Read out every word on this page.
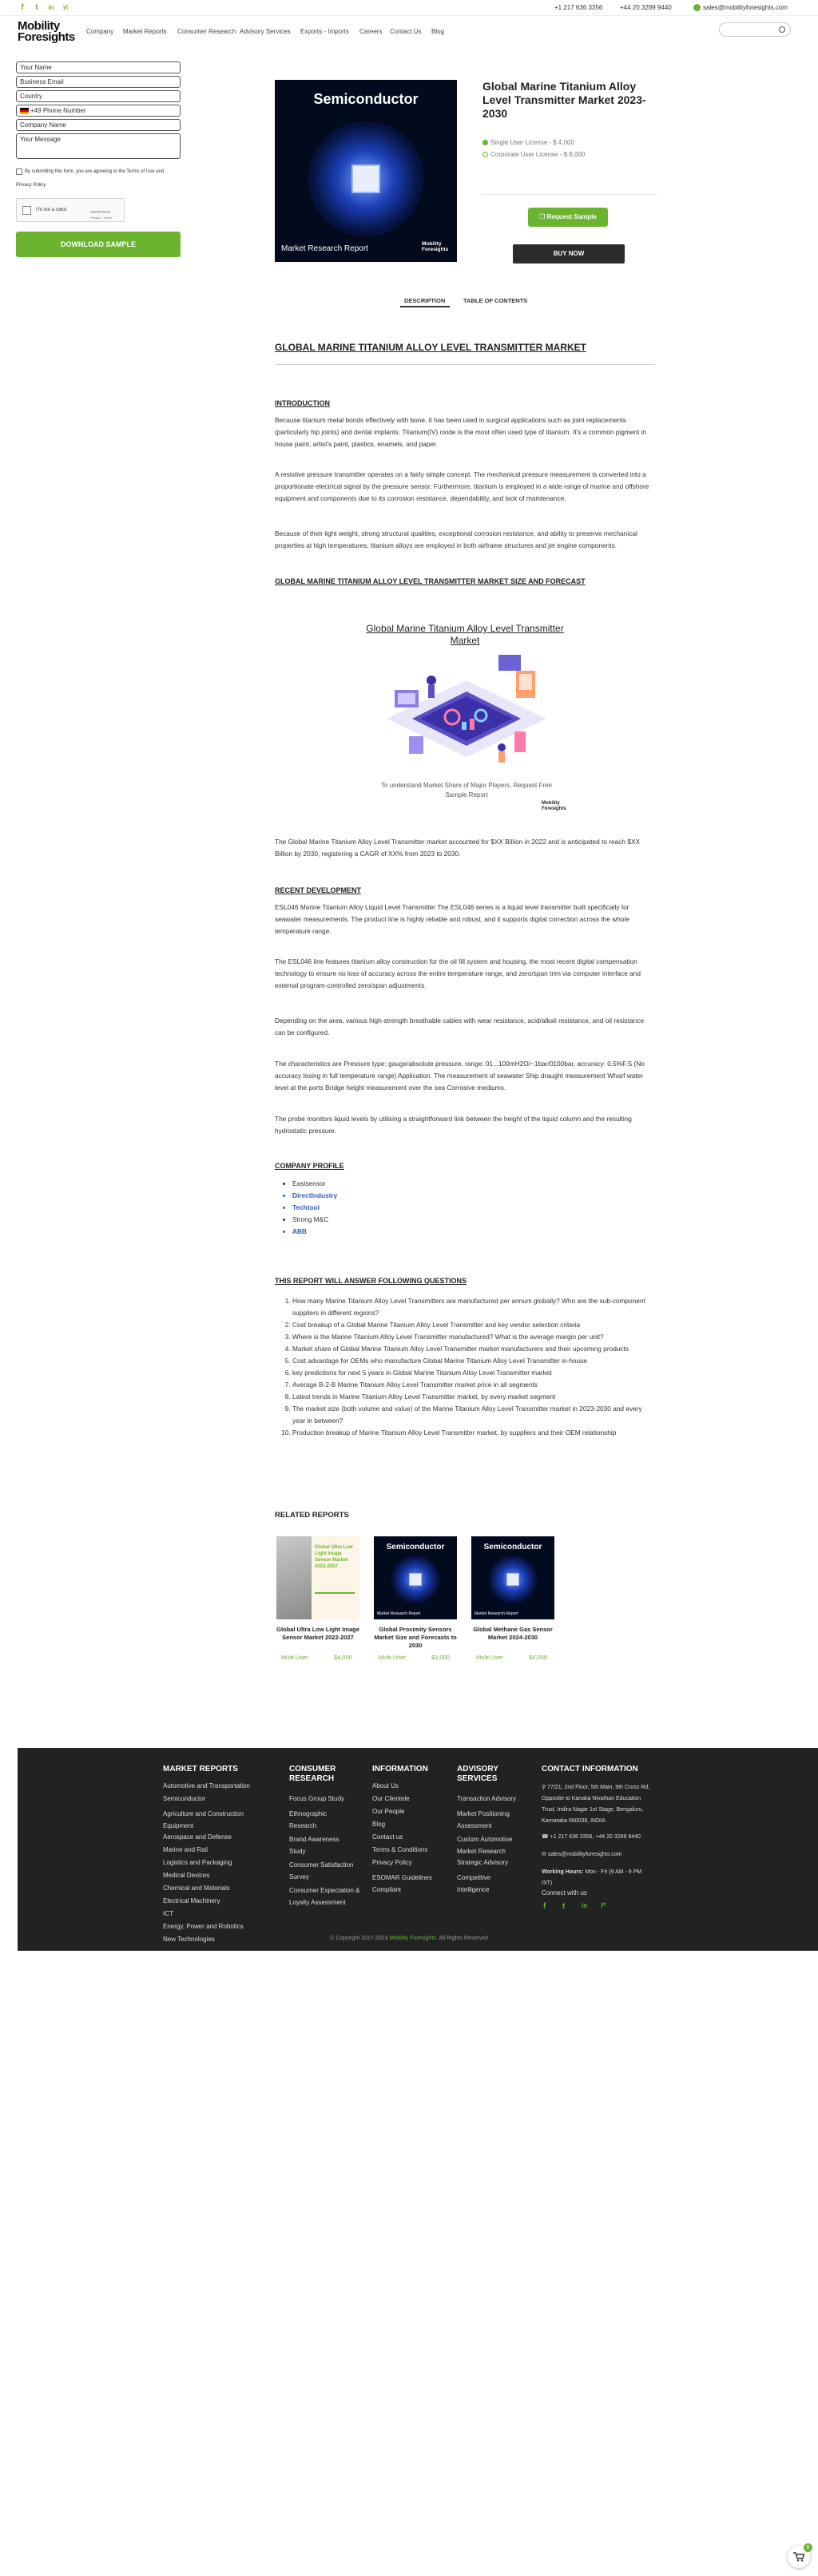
f	t	in	yt	+1 217 636 3356	+44 20 3289 9440	sales@mobilityforesights.com
Mobility
Foresights Company Market Reports Consumer Research Advisory Services Exports - Imports Careers Contact Us Blog
Your Name
Business Email
Country
+49 Phone Number
Company Name
Your Message
By submitting this form, you are agreeing to the Terms of Use and
Privacy Policy
I'm not a robot	reCAPTCHA
Privacy - Terms
DOWNLOAD SAMPLE
Semiconductor
Market Research Report
Mobility
Foresights
Global Marine Titanium Alloy Level Transmitter Market 2023-2030
Single User License - $ 4,000
Corporate User License - $ 8,000
❐ Request Sample
BUY NOW
DESCRIPTION	TABLE OF CONTENTS
GLOBAL MARINE TITANIUM ALLOY LEVEL TRANSMITTER MARKET
INTRODUCTION
Because titanium metal bonds effectively with bone, it has been used in surgical applications such as joint replacements (particularly hip joints) and dental implants. Titanium(IV) oxide is the most often used type of titanium. It's a common pigment in house paint, artist's paint, plastics, enamels, and paper.
A resistive pressure transmitter operates on a fairly simple concept. The mechanical pressure measurement is converted into a proportionate electrical signal by the pressure sensor. Furthermore, titanium is employed in a wide range of marine and offshore equipment and components due to its corrosion resistance, dependability, and lack of maintenance.
Because of their light weight, strong structural qualities, exceptional corrosion resistance, and ability to preserve mechanical properties at high temperatures, titanium alloys are employed in both airframe structures and jet engine components.
GLOBAL MARINE TITANIUM ALLOY LEVEL TRANSMITTER MARKET SIZE AND FORECAST
Global Marine Titanium Alloy Level Transmitter Market
To understand Market Share of Major Players, Request Free Sample Report
Mobility
Foresights
The Global Marine Titanium Alloy Level Transmitter market accounted for $XX Billion in 2022 and is anticipated to reach $XX Billion by 2030, registering a CAGR of XX% from 2023 to 2030.
RECENT DEVELOPMENT
ESL046 Marine Titanium Alloy Liquid Level Transmitter The ESL046 series is a liquid level transmitter built specifically for seawater measurements. The product line is highly reliable and robust, and it supports digital correction across the whole temperature range.
The ESL046 line features titanium alloy construction for the oil fill system and housing, the most recent digital compensation technology to ensure no loss of accuracy across the entire temperature range, and zero/span trim via computer interface and external program-controlled zero/span adjustments.
Depending on the area, various high-strength breathable cables with wear resistance, acid/alkali resistance, and oil resistance can be configured.
The characteristics are Pressure type: gauge/absolute pressure, range: 01...100mH2O/~1bar/0100bar, accuracy: 0.5%F.S (No accuracy losing in full temperature range) Application. The measurement of seawater Ship draught measurement Wharf water level at the ports Bridge height measurement over the sea Corrosive mediums.
The probe monitors liquid levels by utilising a straightforward link between the height of the liquid column and the resulting hydrostatic pressure.
COMPANY PROFILE
• Eastsensor
• DirectIndustry
• Techtool
• Strong M&C
• ABB
THIS REPORT WILL ANSWER FOLLOWING QUESTIONS
1. How many Marine Titanium Alloy Level Transmitters are manufactured per annum globally? Who are the sub-component suppliers in different regions?
2. Cost breakup of a Global Marine Titanium Alloy Level Transmitter and key vendor selection criteria
3. Where is the Marine Titanium Alloy Level Transmitter manufactured? What is the average margin per unit?
4. Market share of Global Marine Titanium Alloy Level Transmitter market manufacturers and their upcoming products
5. Cost advantage for OEMs who manufacture Global Marine Titanium Alloy Level Transmitter in-house
6. key predictions for next 5 years in Global Marine Titanium Alloy Level Transmitter market
7. Average B-2-B Marine Titanium Alloy Level Transmitter market price in all segments
8. Latest trends in Marine Titanium Alloy Level Transmitter market, by every market segment
9. The market size (both volume and value) of the Marine Titanium Alloy Level Transmitter market in 2023-2030 and every year in between?
10. Production breakup of Marine Titanium Alloy Level Transmitter market, by suppliers and their OEM relationship
RELATED REPORTS
Global Ultra Low Light Image Sensor Market 2022-2027
Semiconductor
Market Research Report
Semiconductor
Market Research Report
Global Ultra Low Light Image Sensor Market 2022-2027
Global Proximity Sensors Market Size and Forecasts to 2030
Global Methane Gas Sensor Market 2024-2030
Multi User	$4,000	Multi User	$3,000	Multi User	$4,000
MARKET REPORTS
Automotive and Transportation
Semiconductor
Agriculture and Construction Equipment
Aerospace and Defense
Marine and Rail
Logistics and Packaging
Medical Devices
Chemical and Materials
Electrical Machinery
ICT
Energy, Power and Robotics
New Technologies
CONSUMER
RESEARCH
Focus Group Study
Ethnographic Research
Brand Awareness Study
Consumer Satisfaction Survey
Consumer Expectation & Loyalty Assessment
INFORMATION
About Us
Our Clientele
Our People
Blog
Contact us
Terms & Conditions
Privacy Policy
ESOMAR Guidelines Compliant
ADVISORY
SERVICES
Transaction Advisory
Market Positioning Assessment
Custom Automotive Market Research
Strategic Advisory
Competitive Intelligence
CONTACT INFORMATION
⚲ 77/21, 2nd Floor, 5th Main, 9th Cross Rd, Opposite to Kanaka Nivathan Education Trust, Indira Nagar 1st Stage, Bengaluru, Karnataka 560038, INDIA
☎ +1 217 636 3356, +44 20 3289 9440
✉ sales@mobilityforesights.com
Working Hours: Mon - Fri (9 AM - 9 PM IST)
Connect with us
f t	in yt
© Copyright 2017-2023 Mobility Foresights. All Rights Reserved
0
